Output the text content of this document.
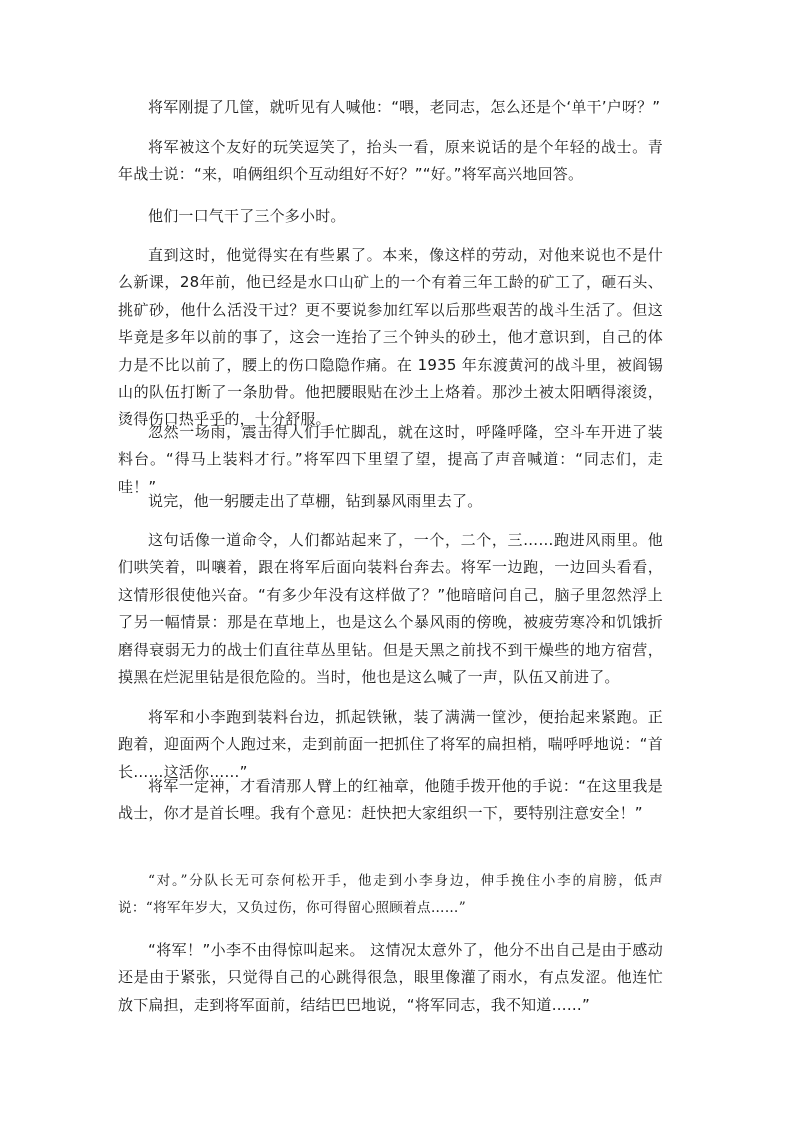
将军刚提了几筐，就听见有人喊他：“喂，老同志，怎么还是个‘单干’户呀？”

将军被这个友好的玩笑逗笑了，抬头一看，原来说话的是个年轻的战士。青年战士说：“来，咱俩组织个互动组好不好？”“好。”将军高兴地回答。

他们一口气干了三个多小时。

直到这时，他觉得实在有些累了。本来，像这样的劳动，对他来说也不是什么新课，28年前，他已经是水口山矿上的一个有着三年工龄的矿工了，砸石头、挑矿砂，他什么活没干过？更不要说参加红军以后那些艰苦的战斗生活了。但这毕竟是多年以前的事了，这会一连抬了三个钟头的砂土，他才意识到，自己的体力是不比以前了，腰上的伤口隐隐作痛。在 1935 年东渡黄河的战斗里，被阎锡山的队伍打断了一条肋骨。他把腰眼贴在沙土上烙着。那沙土被太阳晒得滚烫，烫得伤口热乎乎的，十分舒服。

忽然一场雨，震击得人们手忙脚乱，就在这时，呼隆呼隆，空斗车开进了装料台。“得马上装料才行。”将军四下里望了望，提高了声音喊道：“同志们，走哇！”

说完，他一躬腰走出了草棚，钻到暴风雨里去了。

这句话像一道命令，人们都站起来了，一个，二个，三……跑进风雨里。他们哄笑着，叫嚷着，跟在将军后面向装料台奔去。将军一边跑，一边回头看看，这情形很使他兴奋。“有多少年没有这样做了？”他暗暗问自己，脑子里忽然浮上了另一幅情景：那是在草地上，也是这么个暴风雨的傍晚，被疲劳寒冷和饥饿折磨得衰弱无力的战士们直往草丛里钻。但是天黑之前找不到干燥些的地方宿营，摸黑在烂泥里钻是很危险的。当时，他也是这么喊了一声，队伍又前进了。

将军和小李跑到装料台边，抓起铁锹，装了满满一筐沙，便抬起来紧跑。正跑着，迎面两个人跑过来，走到前面一把抓住了将军的扁担梢，喘呼呼地说：“首长……这活你……”

将军一定神，才看清那人臂上的红袖章，他随手拨开他的手说：“在这里我是战士，你才是首长哩。我有个意见：赶快把大家组织一下，要特别注意安全！”

“对。”分队长无可奈何松开手，他走到小李身边，伸手挽住小李的肩膀，低声说：“将军年岁大，又负过伤，你可得留心照顾着点……”

“将军！”小李不由得惊叫起来。 这情况太意外了，他分不出自己是由于感动还是由于紧张，只觉得自己的心跳得很急，眼里像灌了雨水，有点发涩。他连忙放下扁担，走到将军面前，结结巴巴地说，“将军同志，我不知道……”
